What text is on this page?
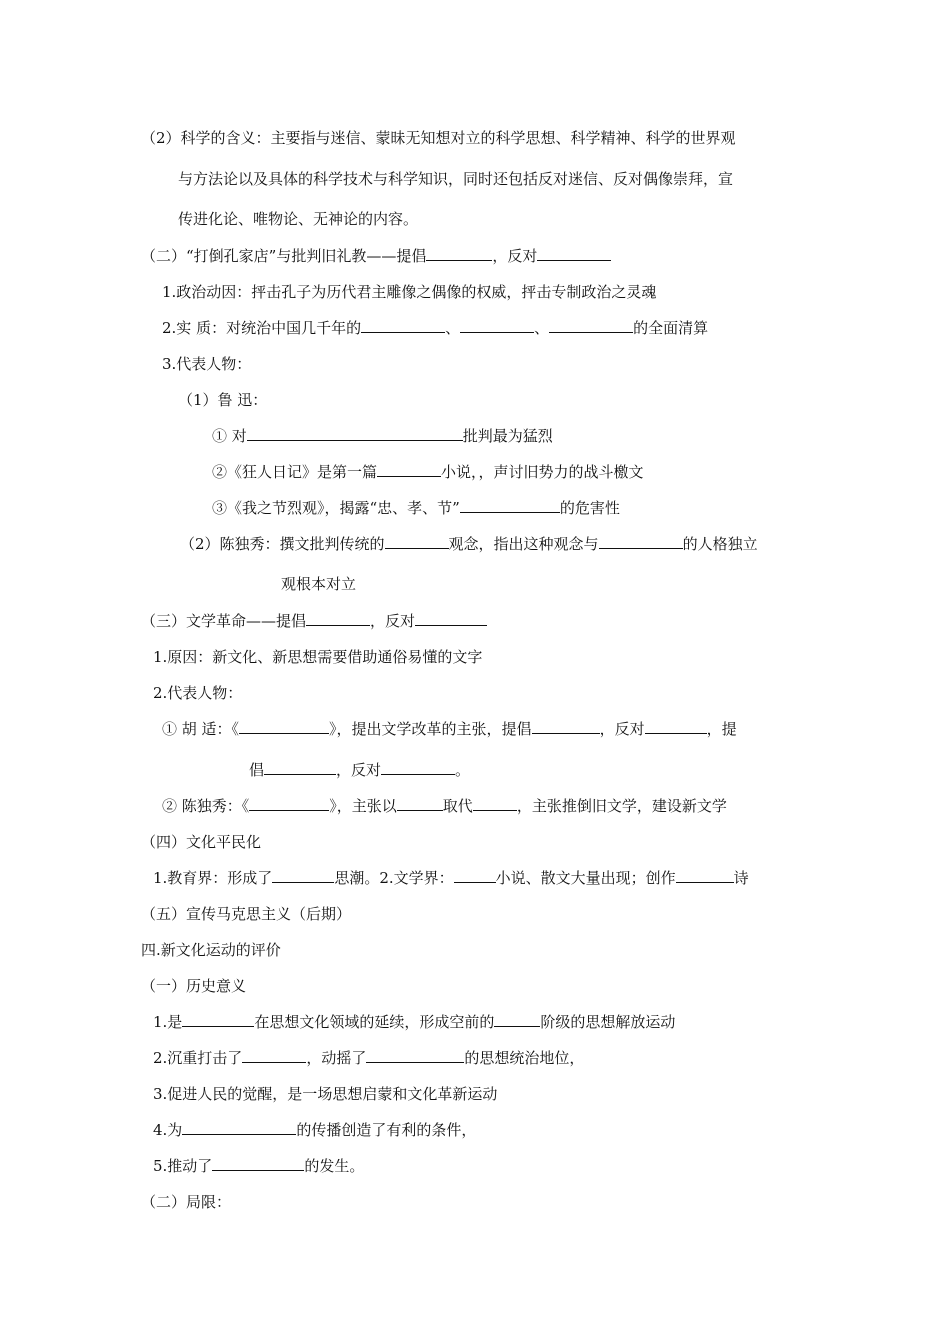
（2）科学的含义：主要指与迷信、蒙昧无知想对立的科学思想、科学精神、科学的世界观
与方法论以及具体的科学技术与科学知识，同时还包括反对迷信、反对偶像崇拜，宣
传进化论、唯物论、无神论的内容。
（二）“打倒孔家店”与批判旧礼教——提倡	，反对
1.政治动因：抨击孔子为历代君主雕像之偶像的权威，抨击专制政治之灵魂
2.实 质：对统治中国几千年的	、	、	的全面清算
3.代表人物：
（1）鲁 迅：
① 对	批判最为猛烈
②《狂人日记》是第一篇	小说，，声讨旧势力的战斗檄文
③《我之节烈观》，揭露“忠、孝、节”	的危害性
（2）陈独秀：撰文批判传统的	观念，指出这种观念与	的人格独立
观根本对立
（三）文学革命——提倡	，反对
1.原因：新文化、新思想需要借助通俗易懂的文字
2.代表人物：
① 胡 适：《	》，提出文学改革的主张，提倡	，反对	，提
倡	，反对	。
② 陈独秀：《	》，主张以	取代	，主张推倒旧文学，建设新文学
（四）文化平民化
1.教育界：形成了	思潮。2.文学界：	小说、散文大量出现；创作	诗
（五）宣传马克思主义（后期）
四.新文化运动的评价
（一）历史意义
1.是	在思想文化领域的延续，形成空前的	阶级的思想解放运动
2.沉重打击了	，动摇了	的思想统治地位，
3.促进人民的觉醒，是一场思想启蒙和文化革新运动
4.为	的传播创造了有利的条件，
5.推动了	的发生。
（二）局限：
